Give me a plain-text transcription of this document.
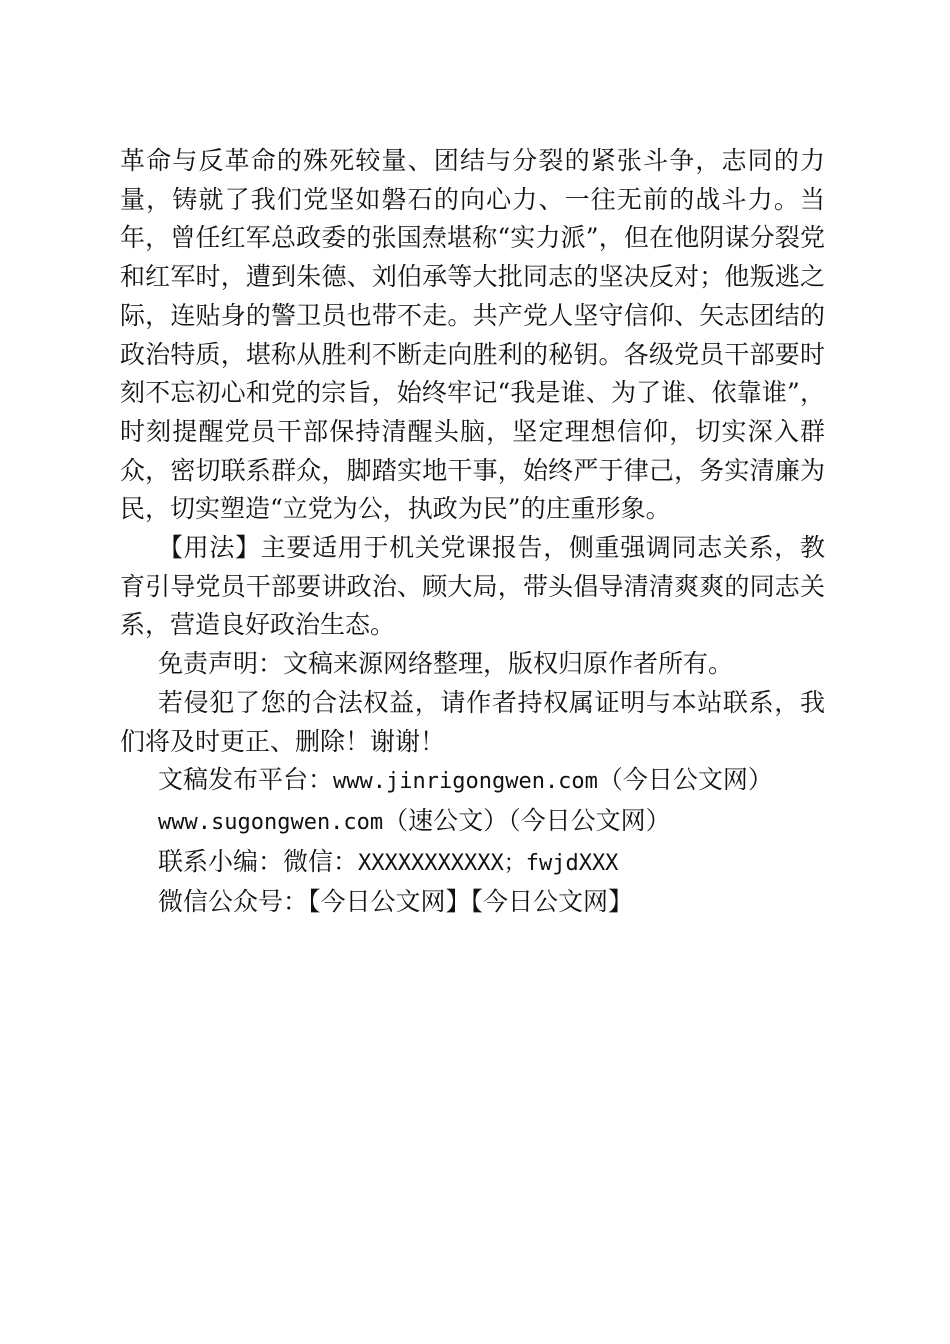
革命与反革命的殊死较量、团结与分裂的紧张斗争，志同的力量，铸就了我们党坚如磐石的向心力、一往无前的战斗力。当年，曾任红军总政委的张国焘堪称“实力派”，但在他阴谋分裂党和红军时，遭到朱德、刘伯承等大批同志的坚决反对；他叛逃之际，连贴身的警卫员也带不走。共产党人坚守信仰、矢志团结的政治特质，堪称从胜利不断走向胜利的秘钥。各级党员干部要时刻不忘初心和党的宗旨，始终牢记“我是谁、为了谁、依靠谁”，时刻提醒党员干部保持清醒头脑，坚定理想信仰，切实深入群众，密切联系群众，脚踏实地干事，始终严于律己，务实清廉为民，切实塑造“立党为公，执政为民”的庄重形象。

【用法】主要适用于机关党课报告，侧重强调同志关系，教育引导党员干部要讲政治、顾大局，带头倡导清清爽爽的同志关系，营造良好政治生态。

免责声明：文稿来源网络整理，版权归原作者所有。

若侵犯了您的合法权益，请作者持权属证明与本站联系，我们将及时更正、删除！谢谢！

文稿发布平台：www.jinrigongwen.com（今日公文网）

www.sugongwen.com（速公文）（今日公文网）

联系小编：微信：XXXXXXXXXXX；fwjdXXX

微信公众号：【今日公文网】【今日公文网】
